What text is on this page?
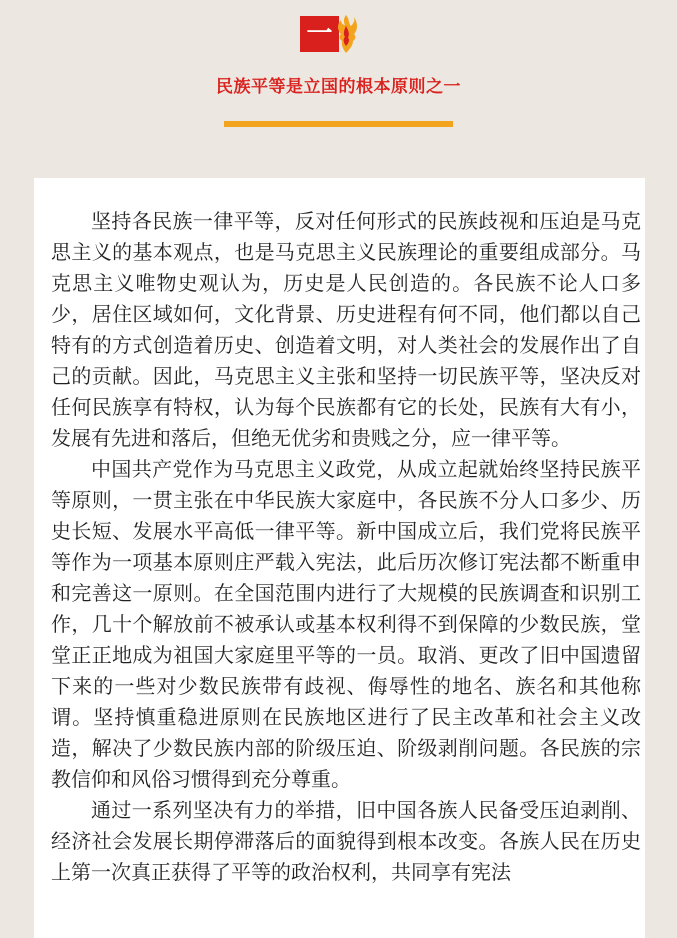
一
民族平等是立国的根本原则之一

坚持各民族一律平等，反对任何形式的民族歧视和压迫是马克思主义的基本观点，也是马克思主义民族理论的重要组成部分。马克思主义唯物史观认为，历史是人民创造的。各民族不论人口多少，居住区域如何，文化背景、历史进程有何不同，他们都以自己特有的方式创造着历史、创造着文明，对人类社会的发展作出了自己的贡献。因此，马克思主义主张和坚持一切民族平等，坚决反对任何民族享有特权，认为每个民族都有它的长处，民族有大有小，发展有先进和落后，但绝无优劣和贵贱之分，应一律平等。

中国共产党作为马克思主义政党，从成立起就始终坚持民族平等原则，一贯主张在中华民族大家庭中，各民族不分人口多少、历史长短、发展水平高低一律平等。新中国成立后，我们党将民族平等作为一项基本原则庄严载入宪法，此后历次修订宪法都不断重申和完善这一原则。在全国范围内进行了大规模的民族调查和识别工作，几十个解放前不被承认或基本权利得不到保障的少数民族，堂堂正正地成为祖国大家庭里平等的一员。取消、更改了旧中国遗留下来的一些对少数民族带有歧视、侮辱性的地名、族名和其他称谓。坚持慎重稳进原则在民族地区进行了民主改革和社会主义改造，解决了少数民族内部的阶级压迫、阶级剥削问题。各民族的宗教信仰和风俗习惯得到充分尊重。

通过一系列坚决有力的举措，旧中国各族人民备受压迫剥削、经济社会发展长期停滞落后的面貌得到根本改变。各族人民在历史上第一次真正获得了平等的政治权利，共同享有宪法
